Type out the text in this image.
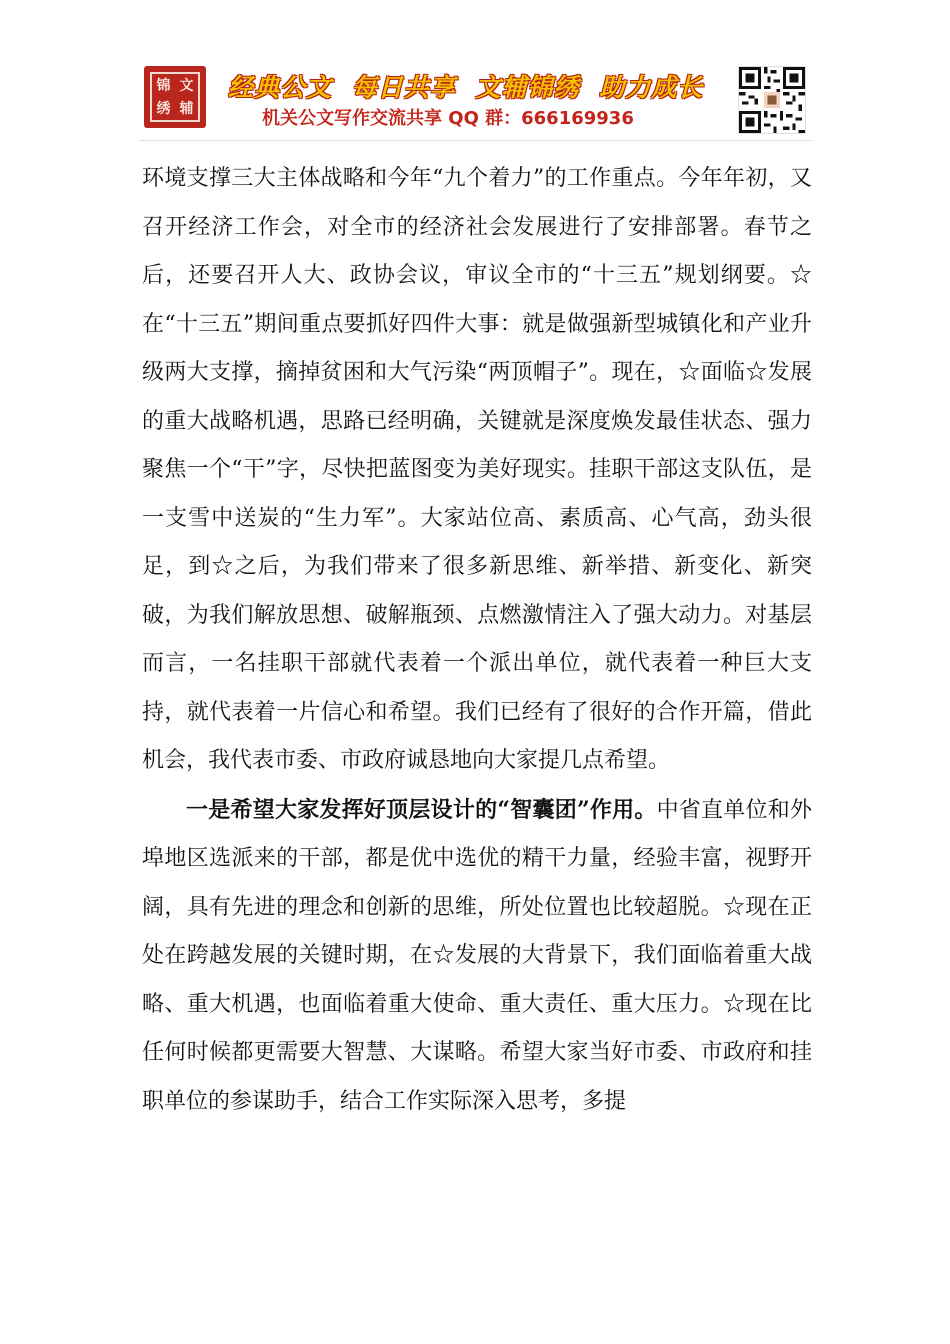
锦 文
绣 辅
经典公文 每日共享 文辅锦绣 助力成长
机关公文写作交流共享 QQ 群：666169936

环境支撑三大主体战略和今年“九个着力”的工作重点。今年年初，又召开经济工作会，对全市的经济社会发展进行了安排部署。春节之后，还要召开人大、政协会议，审议全市的“十三五”规划纲要。☆在“十三五”期间重点要抓好四件大事：就是做强新型城镇化和产业升级两大支撑，摘掉贫困和大气污染“两顶帽子”。现在，☆面临☆发展的重大战略机遇，思路已经明确，关键就是深度焕发最佳状态、强力聚焦一个“干”字，尽快把蓝图变为美好现实。挂职干部这支队伍，是一支雪中送炭的“生力军”。大家站位高、素质高、心气高，劲头很足，到☆之后，为我们带来了很多新思维、新举措、新变化、新突破，为我们解放思想、破解瓶颈、点燃激情注入了强大动力。对基层而言，一名挂职干部就代表着一个派出单位，就代表着一种巨大支持，就代表着一片信心和希望。我们已经有了很好的合作开篇，借此机会，我代表市委、市政府诚恳地向大家提几点希望。

一是希望大家发挥好顶层设计的“智囊团”作用。中省直单位和外埠地区选派来的干部，都是优中选优的精干力量，经验丰富，视野开阔，具有先进的理念和创新的思维，所处位置也比较超脱。☆现在正处在跨越发展的关键时期，在☆发展的大背景下，我们面临着重大战略、重大机遇，也面临着重大使命、重大责任、重大压力。☆现在比任何时候都更需要大智慧、大谋略。希望大家当好市委、市政府和挂职单位的参谋助手，结合工作实际深入思考，多提
